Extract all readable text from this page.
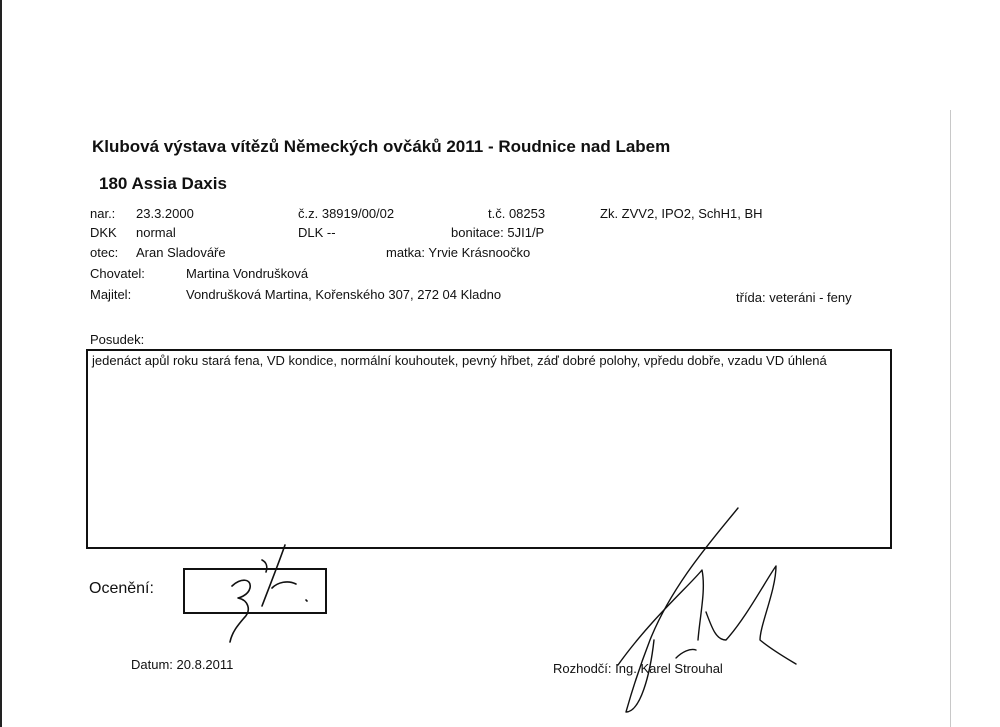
Klubová výstava vítězů Německých ovčáků 2011 - Roudnice nad Labem
180 Assia Daxis
nar.: 23.3.2000	č.z. 38919/00/02	t.č. 08253	Zk. ZVV2, IPO2, SchH1, BH
DKK normal	DLK --	bonitace: 5JI1/P
otec: Aran Sladováře	matka: Yrvie Krásnoočko
Chovatel:	Martina Vondrušková
Majitel:	Vondrušková Martina, Kořenského 307, 272 04 Kladno	třída: veteráni - feny
Posudek:
jedenáct apůl roku stará fena, VD kondice, normální kouhoutek, pevný hřbet, záď dobré polohy, vpředu dobře, vzadu VD úhlená
Ocenění:
Datum: 20.8.2011	Rozhodčí: Ing. Karel Strouhal
